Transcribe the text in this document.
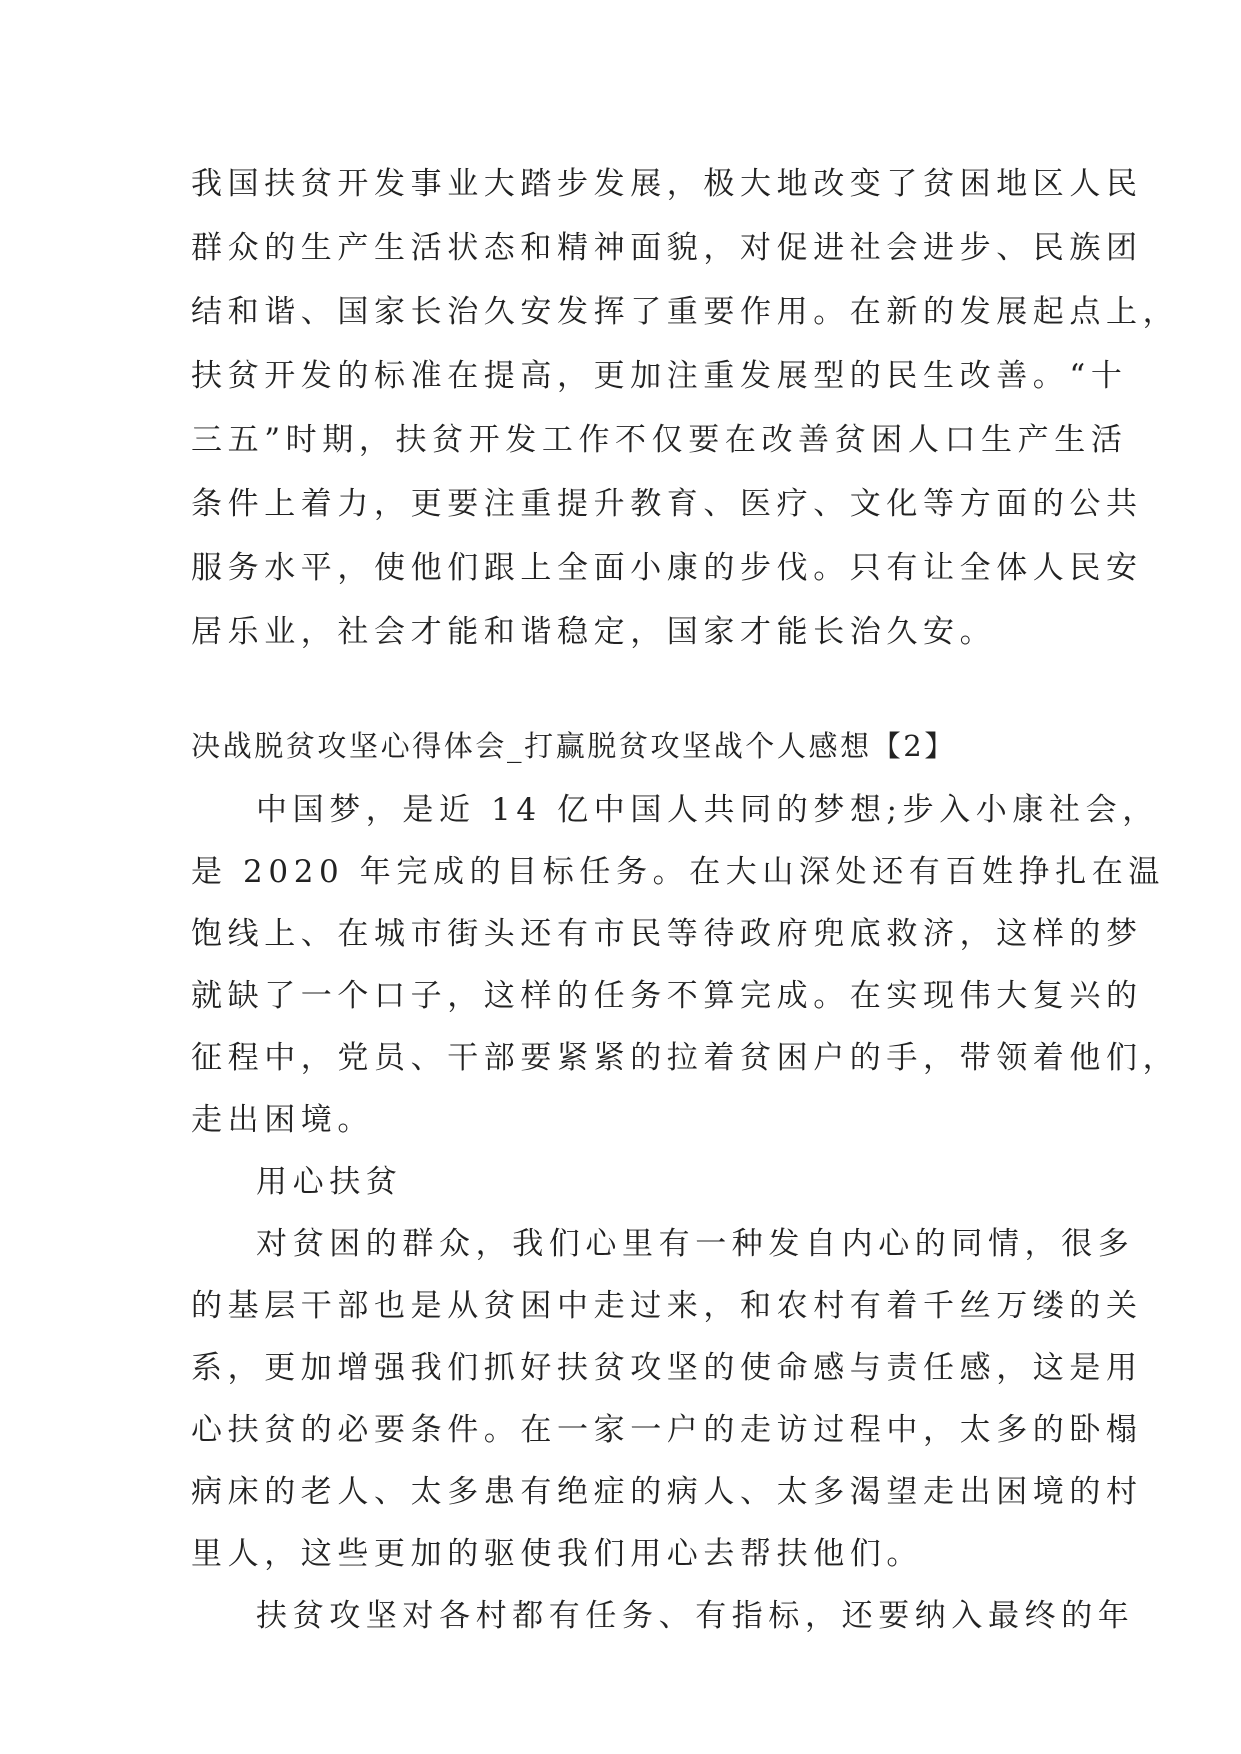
我国扶贫开发事业大踏步发展，极大地改变了贫困地区人民
群众的生产生活状态和精神面貌，对促进社会进步、民族团
结和谐、国家长治久安发挥了重要作用。在新的发展起点上，
扶贫开发的标准在提高，更加注重发展型的民生改善。“十
三五”时期，扶贫开发工作不仅要在改善贫困人口生产生活
条件上着力，更要注重提升教育、医疗、文化等方面的公共
服务水平，使他们跟上全面小康的步伐。只有让全体人民安
居乐业，社会才能和谐稳定，国家才能长治久安。
决战脱贫攻坚心得体会_打赢脱贫攻坚战个人感想【2】
中国梦，是近 14 亿中国人共同的梦想;步入小康社会，
是 2020 年完成的目标任务。在大山深处还有百姓挣扎在温
饱线上、在城市街头还有市民等待政府兜底救济，这样的梦
就缺了一个口子，这样的任务不算完成。在实现伟大复兴的
征程中，党员、干部要紧紧的拉着贫困户的手，带领着他们，
走出困境。
用心扶贫
对贫困的群众，我们心里有一种发自内心的同情，很多
的基层干部也是从贫困中走过来，和农村有着千丝万缕的关
系，更加增强我们抓好扶贫攻坚的使命感与责任感，这是用
心扶贫的必要条件。在一家一户的走访过程中，太多的卧榻
病床的老人、太多患有绝症的病人、太多渴望走出困境的村
里人，这些更加的驱使我们用心去帮扶他们。
扶贫攻坚对各村都有任务、有指标，还要纳入最终的年
